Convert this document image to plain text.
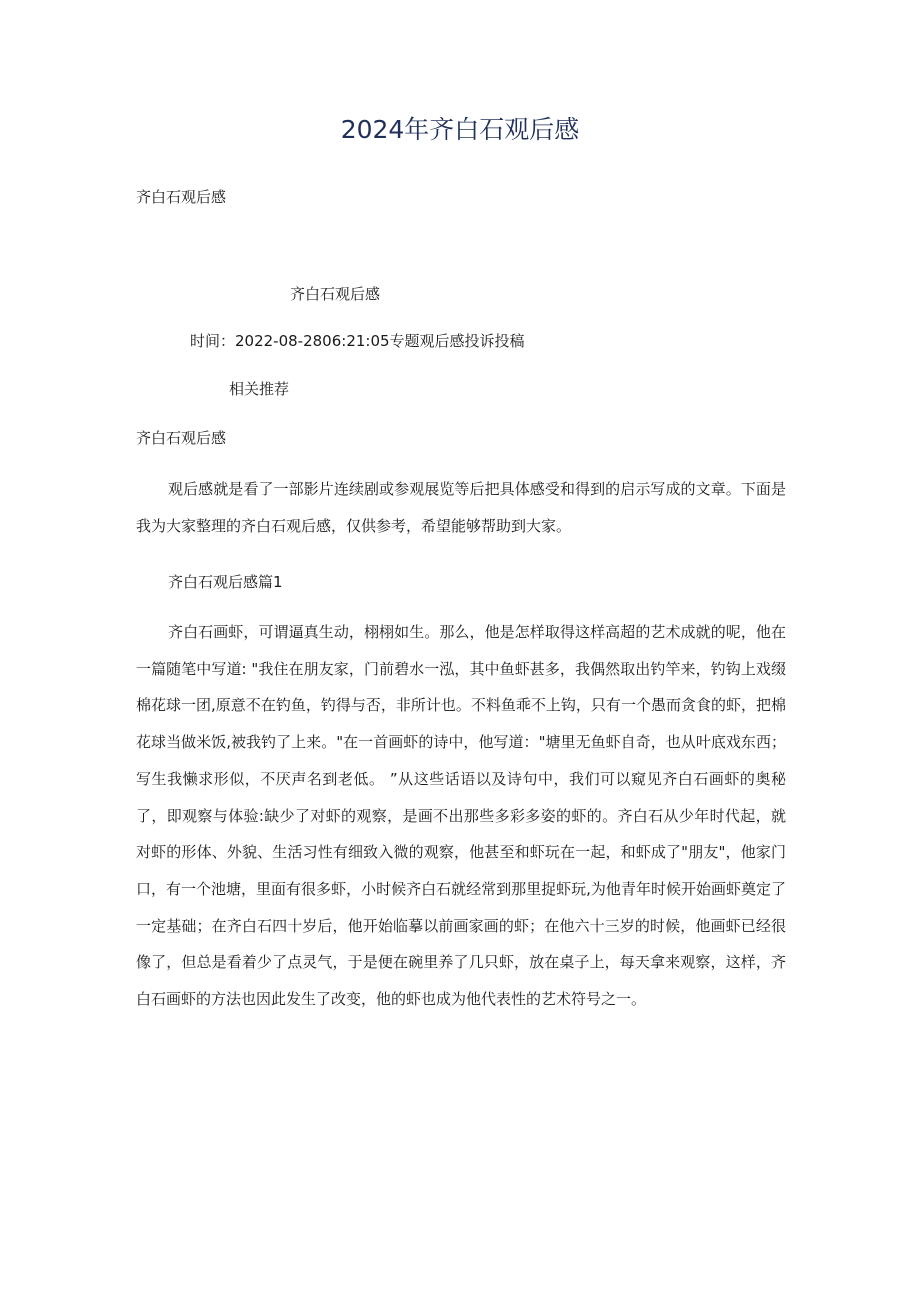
2024年齐白石观后感
齐白石观后感
齐白石观后感
时间：2022-08-2806:21:05专题观后感投诉投稿
相关推荐
齐白石观后感

观后感就是看了一部影片连续剧或参观展览等后把具体感受和得到的启示写成的文章。下面是我为大家整理的齐白石观后感，仅供参考，希望能够帮助到大家。

齐白石观后感篇1

齐白石画虾，可谓逼真生动，栩栩如生。那么，他是怎样取得这样高超的艺术成就的呢，他在一篇随笔中写道: "我住在朋友家，门前碧水一泓，其中鱼虾甚多，我偶然取出钓竿来，钓钩上戏缀棉花球一团,原意不在钓鱼，钓得与否，非所计也。不料鱼乖不上钩，只有一个愚而贪食的虾，把棉花球当做米饭,被我钓了上来。"在一首画虾的诗中，他写道："塘里无鱼虾自奇，也从叶底戏东西；写生我懒求形似，不厌声名到老低。 ”从这些话语以及诗句中，我们可以窥见齐白石画虾的奥秘了，即观察与体验:缺少了对虾的观察，是画不出那些多彩多姿的虾的。齐白石从少年时代起，就对虾的形体、外貌、生活习性有细致入微的观察，他甚至和虾玩在一起，和虾成了"朋友"，他家门口，有一个池塘，里面有很多虾，小时候齐白石就经常到那里捉虾玩,为他青年时候开始画虾奠定了一定基础；在齐白石四十岁后，他开始临摹以前画家画的虾；在他六十三岁的时候，他画虾已经很像了，但总是看着少了点灵气，于是便在碗里养了几只虾，放在桌子上，每天拿来观察，这样，齐白石画虾的方法也因此发生了改变，他的虾也成为他代表性的艺术符号之一。
